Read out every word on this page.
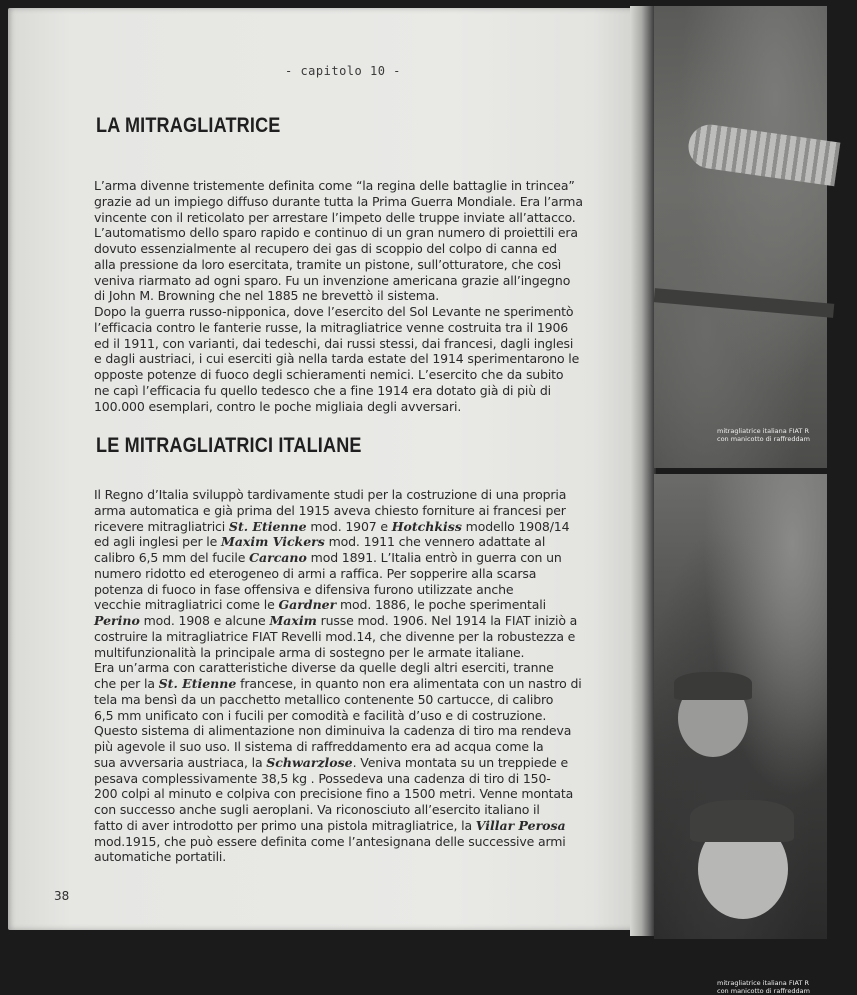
mitragliatrice italiana FIAT R
con manicotto di raffreddam
mitragliatrice italiana FIAT R
con manicotto di raffreddam
- capitolo 10 -
LA MITRAGLIATRICE
L’arma divenne tristemente definita come “la regina delle battaglie in trincea”
grazie ad un impiego diffuso durante tutta la Prima Guerra Mondiale. Era l’arma
vincente con il reticolato per arrestare l’impeto delle truppe inviate all’attacco.
L’automatismo dello sparo rapido e continuo di un gran numero di proiettili era
dovuto essenzialmente al recupero dei gas di scoppio del colpo di canna ed
alla pressione da loro esercitata, tramite un pistone, sull’otturatore, che così
veniva riarmato ad ogni sparo. Fu un invenzione americana grazie all’ingegno
di John M. Browning che nel 1885 ne brevettò il sistema.
Dopo la guerra russo-nipponica, dove l’esercito del Sol Levante ne sperimentò
l’efficacia contro le fanterie russe, la mitragliatrice venne costruita tra il 1906
ed il 1911, con varianti, dai tedeschi, dai russi stessi, dai francesi, dagli inglesi
e dagli austriaci, i cui eserciti già nella tarda estate del 1914 sperimentarono le
opposte potenze di fuoco degli schieramenti nemici. L’esercito che da subito
ne capì l’efficacia fu quello tedesco che a fine 1914 era dotato già di più di
100.000 esemplari, contro le poche migliaia degli avversari.
LE MITRAGLIATRICI ITALIANE
Il Regno d’Italia sviluppò tardivamente studi per la costruzione di una propria
arma automatica e già prima del 1915 aveva chiesto forniture ai francesi per
ricevere mitragliatrici St. Etienne mod. 1907 e Hotchkiss modello 1908/14
ed agli inglesi per le Maxim Vickers mod. 1911 che vennero adattate al
calibro 6,5 mm del fucile Carcano mod 1891. L’Italia entrò in guerra con un
numero ridotto ed eterogeneo di armi a raffica. Per sopperire alla scarsa
potenza di fuoco in fase offensiva e difensiva furono utilizzate anche
vecchie mitragliatrici come le Gardner mod. 1886, le poche sperimentali
Perino mod. 1908 e alcune Maxim russe mod. 1906. Nel 1914 la FIAT iniziò a
costruire la mitragliatrice FIAT Revelli mod.14, che divenne per la robustezza e
multifunzionalità la principale arma di sostegno per le armate italiane.
Era un’arma con caratteristiche diverse da quelle degli altri eserciti, tranne
che per la St. Etienne francese, in quanto non era alimentata con un nastro di
tela ma bensì da un pacchetto metallico contenente 50 cartucce, di calibro
6,5 mm unificato con i fucili per comodità e facilità d’uso e di costruzione.
Questo sistema di alimentazione non diminuiva la cadenza di tiro ma rendeva
più agevole il suo uso. Il sistema di raffreddamento era ad acqua come la
sua avversaria austriaca, la Schwarzlose. Veniva montata su un treppiede e
pesava complessivamente 38,5 kg . Possedeva una cadenza di tiro di 150-
200 colpi al minuto e colpiva con precisione fino a 1500 metri. Venne montata
con successo anche sugli aeroplani. Va riconosciuto all’esercito italiano il
fatto di aver introdotto per primo una pistola mitragliatrice, la Villar Perosa
mod.1915, che può essere definita come l’antesignana delle successive armi
automatiche portatili.
38
